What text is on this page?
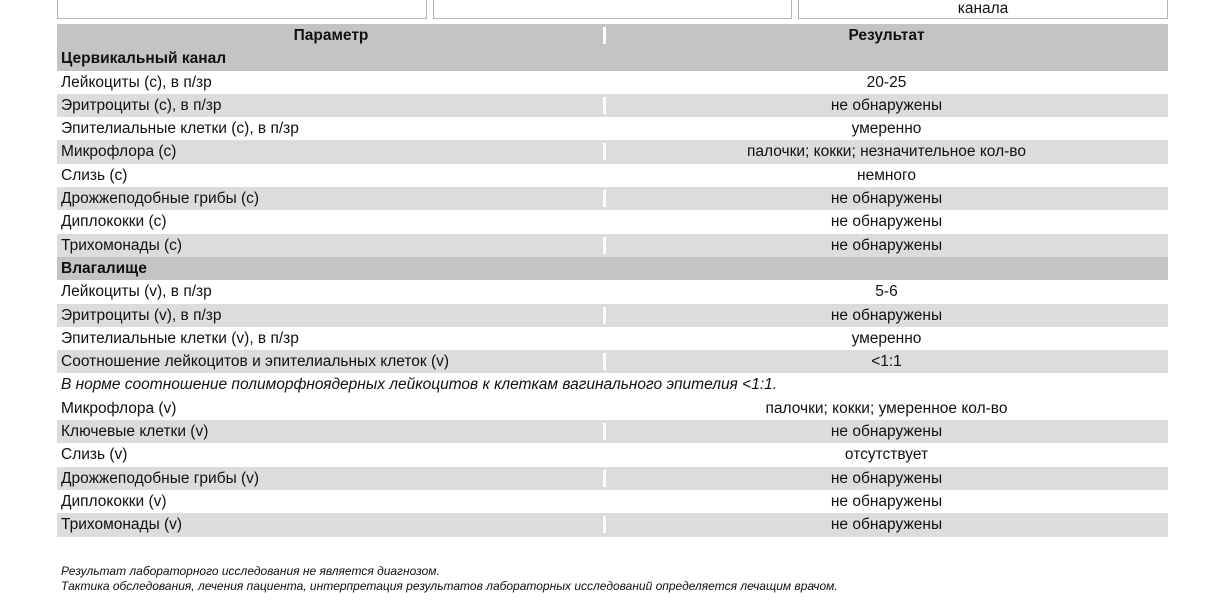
канала
Параметр	Результат
Цервикальный канал
Лейкоциты (с), в п/зр	20-25
Эритроциты (с), в п/зр	не обнаружены
Эпителиальные клетки (с), в п/зр	умеренно
Микрофлора (с)	палочки; кокки; незначительное кол-во
Слизь (с)	немного
Дрожжеподобные грибы (с)	не обнаружены
Диплококки (с)	не обнаружены
Трихомонады (с)	не обнаружены
Влагалище
Лейкоциты (v), в п/зр	5-6
Эритроциты (v), в п/зр	не обнаружены
Эпителиальные клетки (v), в п/зр	умеренно
Соотношение лейкоцитов и эпителиальных клеток (v)	<1:1
В норме соотношение полиморфноядерных лейкоцитов к клеткам вагинального эпителия <1:1.
Микрофлора (v)	палочки; кокки; умеренное кол-во
Ключевые клетки (v)	не обнаружены
Слизь (v)	отсутствует
Дрожжеподобные грибы (v)	не обнаружены
Диплококки (v)	не обнаружены
Трихомонады (v)	не обнаружены
Результат лабораторного исследования не является диагнозом.
Тактика обследования, лечения пациента, интерпретация результатов лабораторных исследований определяется лечащим врачом.
